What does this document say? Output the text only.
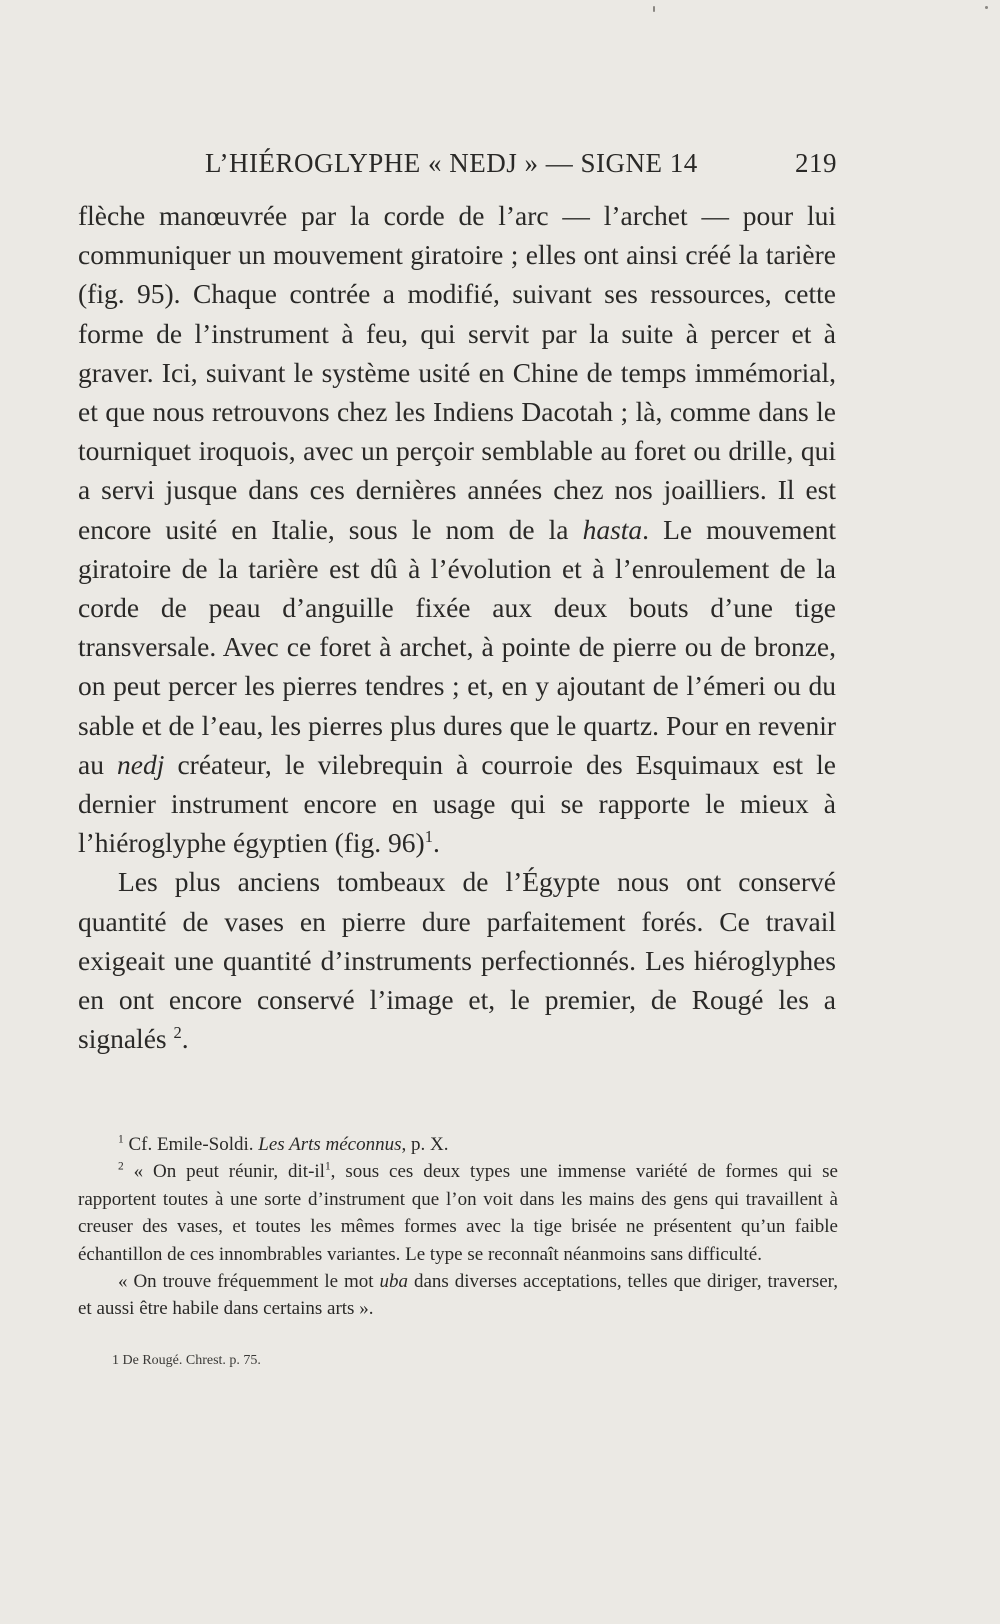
L’HIÉROGLYPHE « NEDJ » — SIGNE 14	219

flèche manœuvrée par la corde de l’arc — l’archet — pour lui communiquer un mouvement giratoire ; elles ont ainsi créé la tarière (fig. 95). Chaque contrée a modifié, suivant ses ressources, cette forme de l’instrument à feu, qui servit par la suite à percer et à graver. Ici, suivant le système usité en Chine de temps immémorial, et que nous retrouvons chez les Indiens Dacotah ; là, comme dans le tourniquet iroquois, avec un perçoir semblable au foret ou drille, qui a servi jusque dans ces dernières années chez nos joailliers. Il est encore usité en Italie, sous le nom de la hasta. Le mouvement giratoire de la tarière est dû à l’évolution et à l’enroulement de la corde de peau d’anguille fixée aux deux bouts d’une tige transversale. Avec ce foret à archet, à pointe de pierre ou de bronze, on peut percer les pierres tendres ; et, en y ajoutant de l’émeri ou du sable et de l’eau, les pierres plus dures que le quartz. Pour en revenir au nedj créateur, le vilebrequin à courroie des Esquimaux est le dernier instrument encore en usage qui se rapporte le mieux à l’hiéroglyphe égyptien (fig. 96)$^1$.

Les plus anciens tombeaux de l’Égypte nous ont conservé quantité de vases en pierre dure parfaitement forés. Ce travail exigeait une quantité d’instruments perfectionnés. Les hiéroglyphes en ont encore conservé l’image et, le premier, de Rougé les a signalés $^2$.

$^1$ Cf. Emile-Soldi. Les Arts méconnus, p. X.

$^2$ « On peut réunir, dit-$il^1$, sous ces deux types une immense variété de formes qui se rapportent toutes à une sorte d’instrument que l’on voit dans les mains des gens qui travaillent à creuser des vases, et toutes les mêmes formes avec la tige brisée ne présentent qu’un faible échantillon de ces innombrables variantes. Le type se reconnaît néanmoins sans difficulté.

« On trouve fréquemment le mot uba dans diverses acceptations, telles que diriger, traverser, et aussi être habile dans certains arts ».

1 De Rougé. Chrest. p. 75.
